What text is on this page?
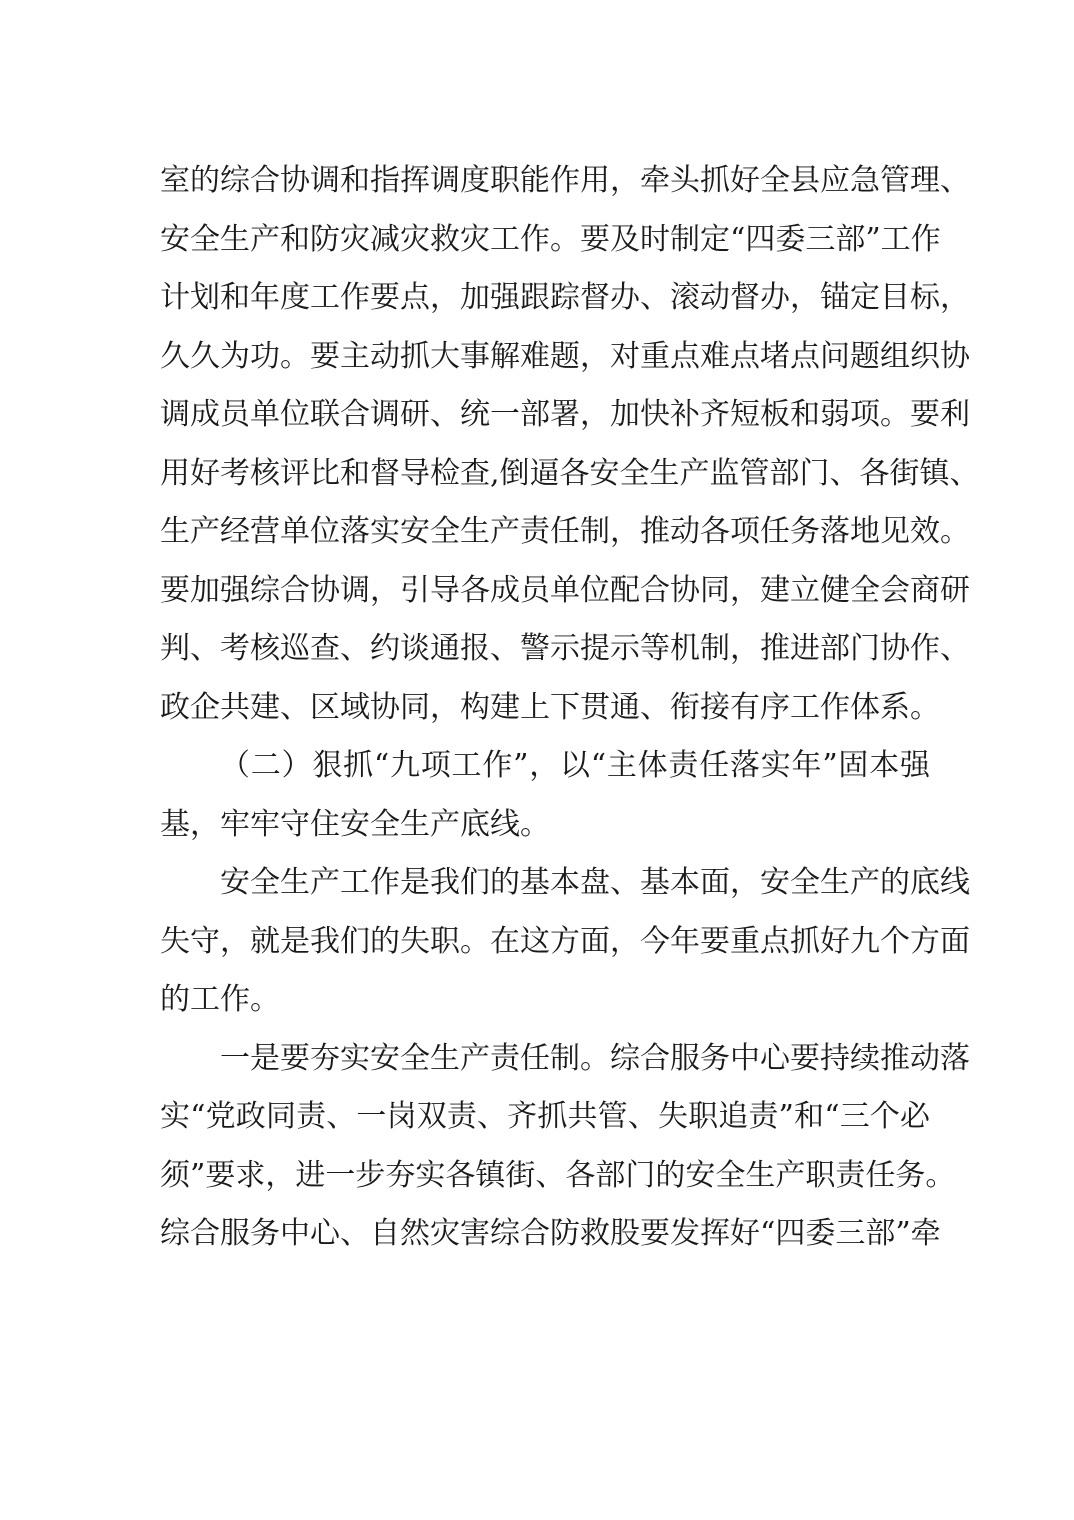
室的综合协调和指挥调度职能作用，牵头抓好全县应急管理、
安全生产和防灾减灾救灾工作。要及时制定“四委三部”工作
计划和年度工作要点，加强跟踪督办、滚动督办，锚定目标，
久久为功。要主动抓大事解难题，对重点难点堵点问题组织协
调成员单位联合调研、统一部署，加快补齐短板和弱项。要利
用好考核评比和督导检查,倒逼各安全生产监管部门、各街镇、
生产经营单位落实安全生产责任制，推动各项任务落地见效。
要加强综合协调，引导各成员单位配合协同，建立健全会商研
判、考核巡查、约谈通报、警示提示等机制，推进部门协作、
政企共建、区域协同，构建上下贯通、衔接有序工作体系。
（二）狠抓“九项工作”，以“主体责任落实年”固本强
基，牢牢守住安全生产底线。
安全生产工作是我们的基本盘、基本面，安全生产的底线
失守，就是我们的失职。在这方面，今年要重点抓好九个方面
的工作。
一是要夯实安全生产责任制。综合服务中心要持续推动落
实“党政同责、一岗双责、齐抓共管、失职追责”和“三个必
须”要求，进一步夯实各镇街、各部门的安全生产职责任务。
综合服务中心、自然灾害综合防救股要发挥好“四委三部”牵
